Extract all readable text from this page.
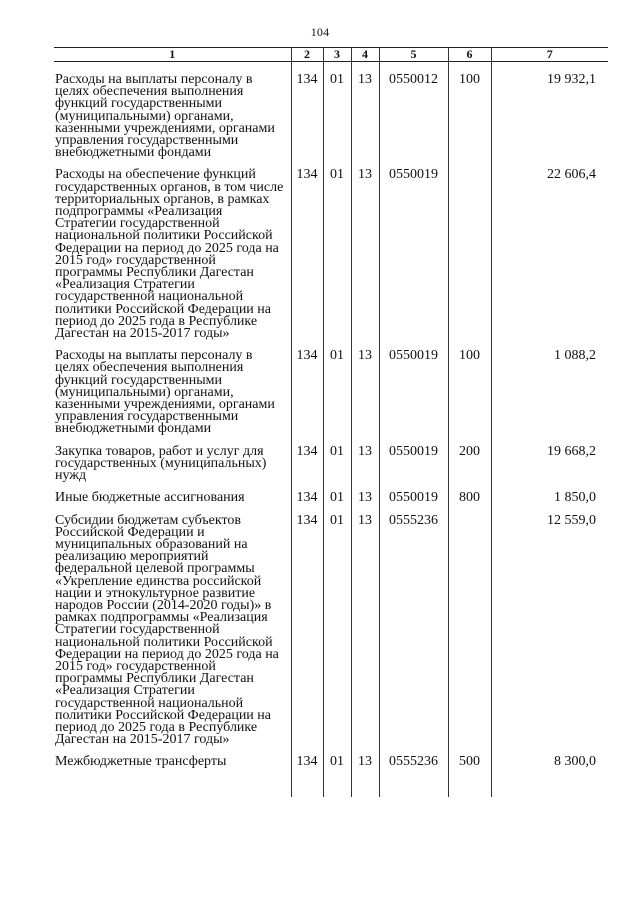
104
1	2	3	4	5	6	7
Расходы на выплаты персоналу в целях обеспечения выполнения функций государственными (муниципальными) органами, казенными учреждениями, органами управления государственными внебюджетными фондами	134	01	13	0550012	100	19 932,1
Расходы на обеспечение функций государственных органов, в том числе территориальных органов, в рамках подпрограммы «Реализация Стратегии государственной национальной политики Российской Федерации на период до 2025 года на 2015 год» государственной программы Республики Дагестан «Реализация Стратегии государственной национальной политики Российской Федерации на период до 2025 года в Республике Дагестан на 2015-2017 годы»	134	01	13	0550019		22 606,4
Расходы на выплаты персоналу в целях обеспечения выполнения функций государственными (муниципальными) органами, казенными учреждениями, органами управления государственными внебюджетными фондами	134	01	13	0550019	100	1 088,2
Закупка товаров, работ и услуг для государственных (муниципальных) нужд	134	01	13	0550019	200	19 668,2
Иные бюджетные ассигнования	134	01	13	0550019	800	1 850,0
Субсидии бюджетам субъектов Российской Федерации и муниципальных образований на реализацию мероприятий федеральной целевой программы «Укрепление единства российской нации и этнокультурное развитие народов России (2014-2020 годы)» в рамках подпрограммы «Реализация Стратегии государственной национальной политики Российской Федерации на период до 2025 года на 2015 год» государственной программы Республики Дагестан «Реализация Стратегии государственной национальной политики Российской Федерации на период до 2025 года в Республике Дагестан на 2015-2017 годы»	134	01	13	0555236		12 559,0
Межбюджетные трансферты	134	01	13	0555236	500	8 300,0
